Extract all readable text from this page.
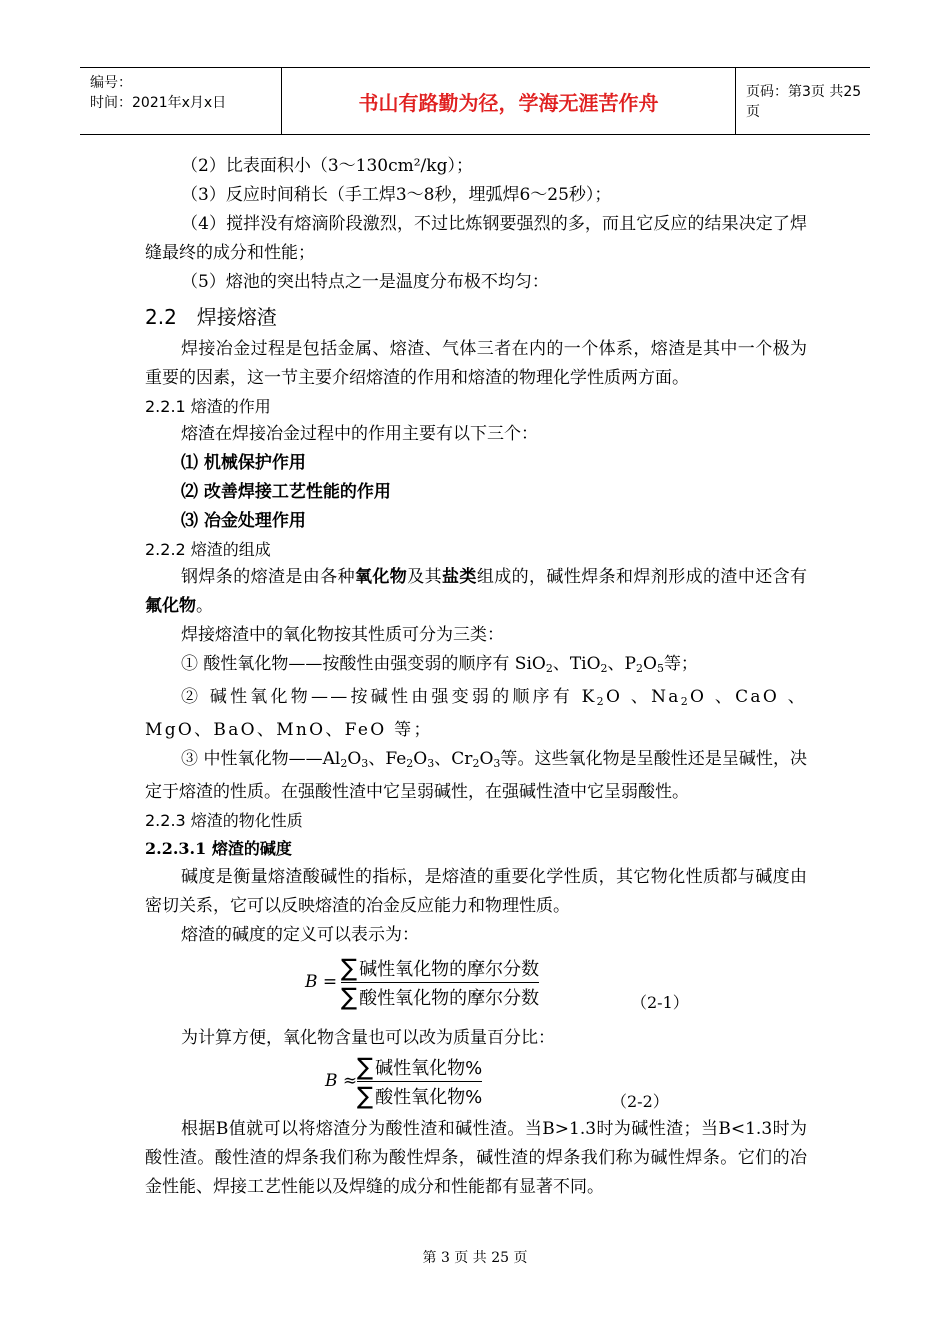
编号：
时间：2021年x月x日	书山有路勤为径，学海无涯苦作舟	页码：第3页 共25页

（2）比表面积小（3～130cm²/kg）；

（3）反应时间稍长（手工焊3～8秒，埋弧焊6～25秒）；

（4）搅拌没有熔滴阶段激烈，不过比炼钢要强烈的多，而且它反应的结果决定了焊缝最终的成分和性能；

（5）熔池的突出特点之一是温度分布极不均匀：

2.2　焊接熔渣

焊接冶金过程是包括金属、熔渣、气体三者在内的一个体系，熔渣是其中一个极为重要的因素，这一节主要介绍熔渣的作用和熔渣的物理化学性质两方面。

2.2.1 熔渣的作用

熔渣在焊接冶金过程中的作用主要有以下三个：

⑴ 机械保护作用

⑵ 改善焊接工艺性能的作用

⑶ 冶金处理作用

2.2.2 熔渣的组成

钢焊条的熔渣是由各种氧化物及其盐类组成的，碱性焊条和焊剂形成的渣中还含有氟化物。

焊接熔渣中的氧化物按其性质可分为三类：

① 酸性氧化物——按酸性由强变弱的顺序有 SiO$_2$、TiO$_2$、$P_2O_5$等；

② 碱性氧化物——按碱性由强变弱的顺序有 $K_2O$ 、$Na_2O$ 、CaO 、MgO、BaO、MnO、FeO 等；

③ 中性氧化物$——Al_2O_3$、$Fe_2O_3$、$Cr_2O_3$等。这些氧化物是呈酸性还是呈碱性，决定于熔渣的性质。在强酸性渣中它呈弱碱性，在强碱性渣中它呈弱酸性。

2.2.3 熔渣的物化性质

2.2.3.1 熔渣的碱度

碱度是衡量熔渣酸碱性的指标，是熔渣的重要化学性质，其它物化性质都与碱度由密切关系，它可以反映熔渣的冶金反应能力和物理性质。

熔渣的碱度的定义可以表示为：

B = ∑ 碱性氧化物的摩尔分数
∑ 酸性氧化物的摩尔分数	（2-1）

为计算方便，氧化物含量也可以改为质量百分比：

B ≈ ∑ 碱性氧化物%
∑ 酸性氧化物%	（2-2）

根据B值就可以将熔渣分为酸性渣和碱性渣。当B>1.3时为碱性渣；当B<1.3时为酸性渣。酸性渣的焊条我们称为酸性焊条，碱性渣的焊条我们称为碱性焊条。它们的冶金性能、焊接工艺性能以及焊缝的成分和性能都有显著不同。

第 3 页 共 25 页
